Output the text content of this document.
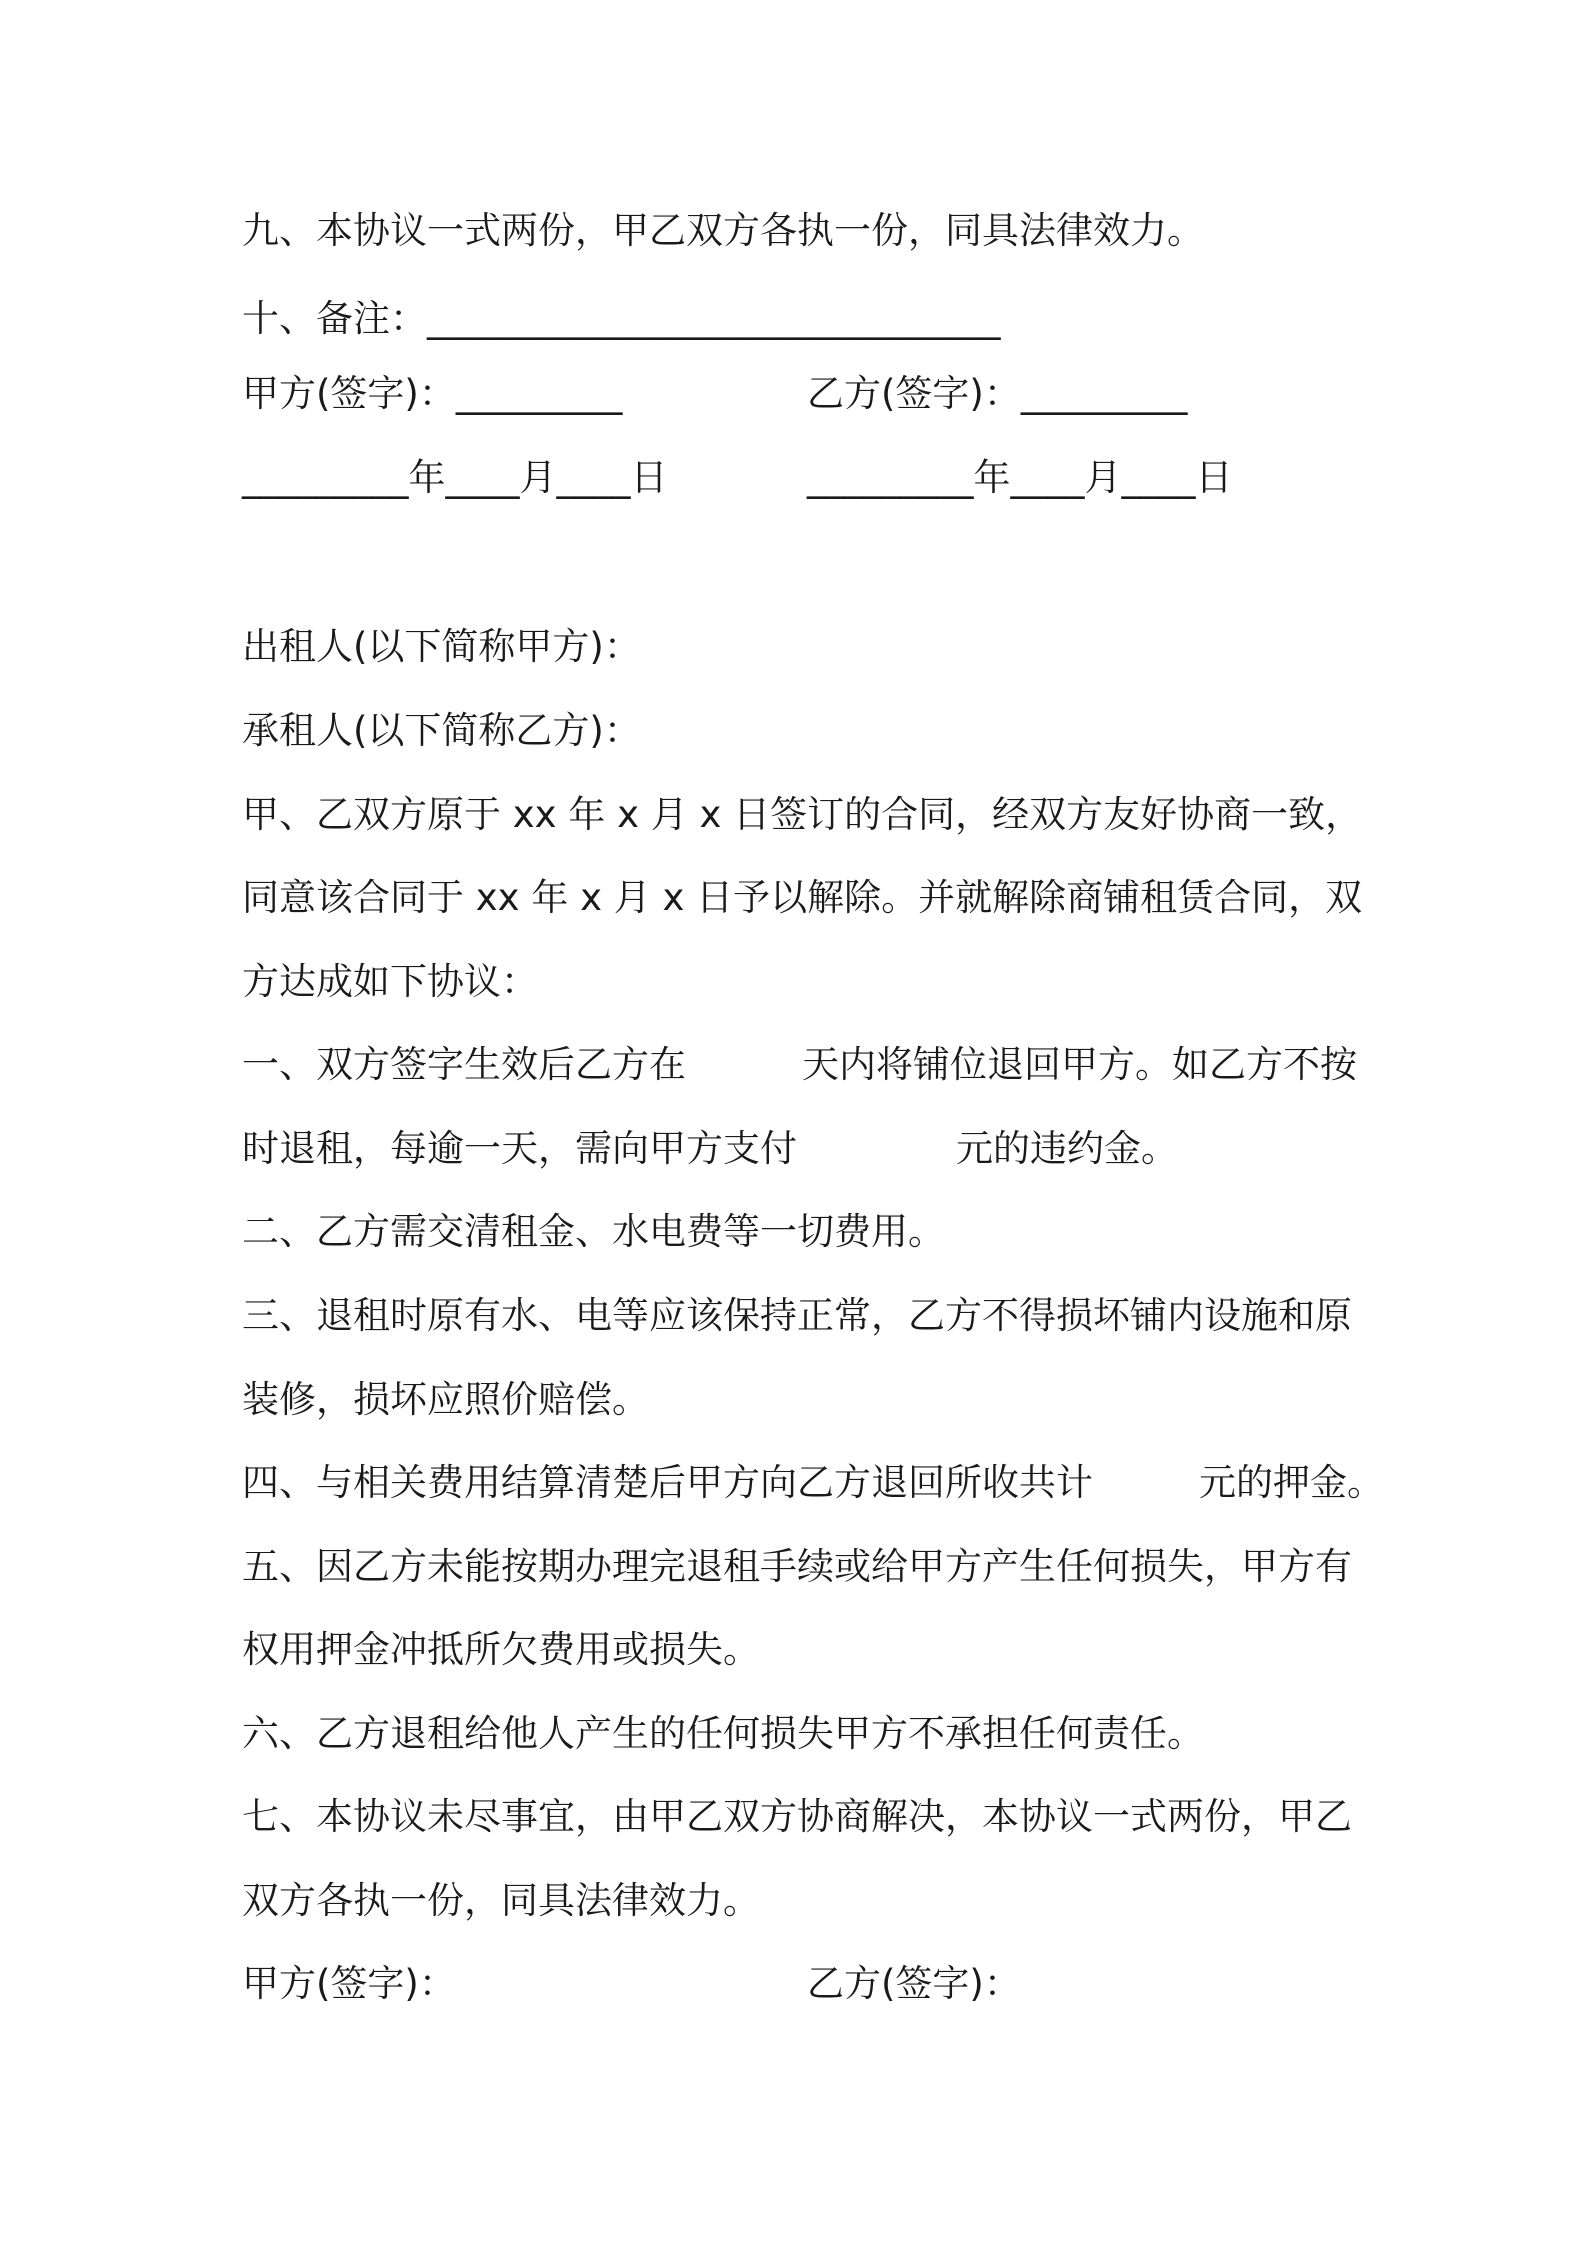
九、本协议一式两份，甲乙双方各执一份，同具法律效力。
十、备注：_______________________________
甲方(签字)：_________	乙方(签字)：_________
_________年____月____日	_________年____月____日
出租人(以下简称甲方)：
承租人(以下简称乙方)：
甲、乙双方原于 xx 年 x 月 x 日签订的合同，经双方友好协商一致，
同意该合同于 xx 年 x 月 x 日予以解除。并就解除商铺租赁合同，双
方达成如下协议：
一、双方签字生效后乙方在	天内将铺位退回甲方。如乙方不按
时退租，每逾一天，需向甲方支付	元的违约金。
二、乙方需交清租金、水电费等一切费用。
三、退租时原有水、电等应该保持正常，乙方不得损坏铺内设施和原
装修，损坏应照价赔偿。
四、与相关费用结算清楚后甲方向乙方退回所收共计	元的押金。
五、因乙方未能按期办理完退租手续或给甲方产生任何损失，甲方有
权用押金冲抵所欠费用或损失。
六、乙方退租给他人产生的任何损失甲方不承担任何责任。
七、本协议未尽事宜，由甲乙双方协商解决，本协议一式两份，甲乙
双方各执一份，同具法律效力。
甲方(签字)：	乙方(签字)：
